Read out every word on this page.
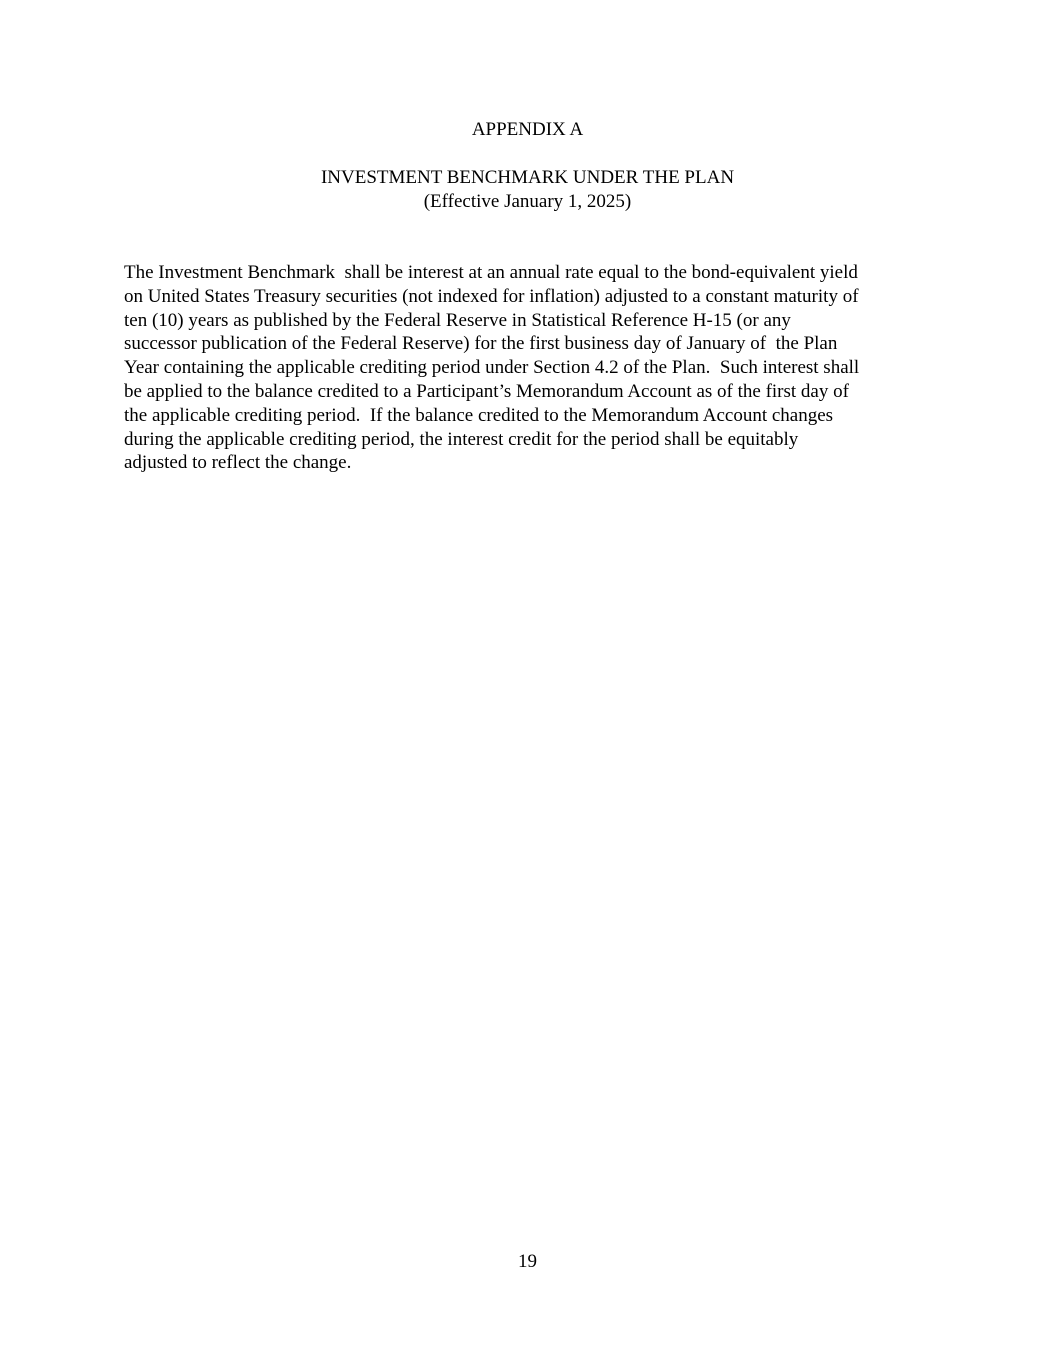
APPENDIX A
INVESTMENT BENCHMARK UNDER THE PLAN
(Effective January 1, 2025)
The Investment Benchmark  shall be interest at an annual rate equal to the bond-equivalent yield
on United States Treasury securities (not indexed for inflation) adjusted to a constant maturity of
ten (10) years as published by the Federal Reserve in Statistical Reference H-15 (or any
successor publication of the Federal Reserve) for the first business day of January of  the Plan
Year containing the applicable crediting period under Section 4.2 of the Plan.  Such interest shall
be applied to the balance credited to a Participant’s Memorandum Account as of the first day of
the applicable crediting period.  If the balance credited to the Memorandum Account changes
during the applicable crediting period, the interest credit for the period shall be equitably
adjusted to reflect the change.
19
